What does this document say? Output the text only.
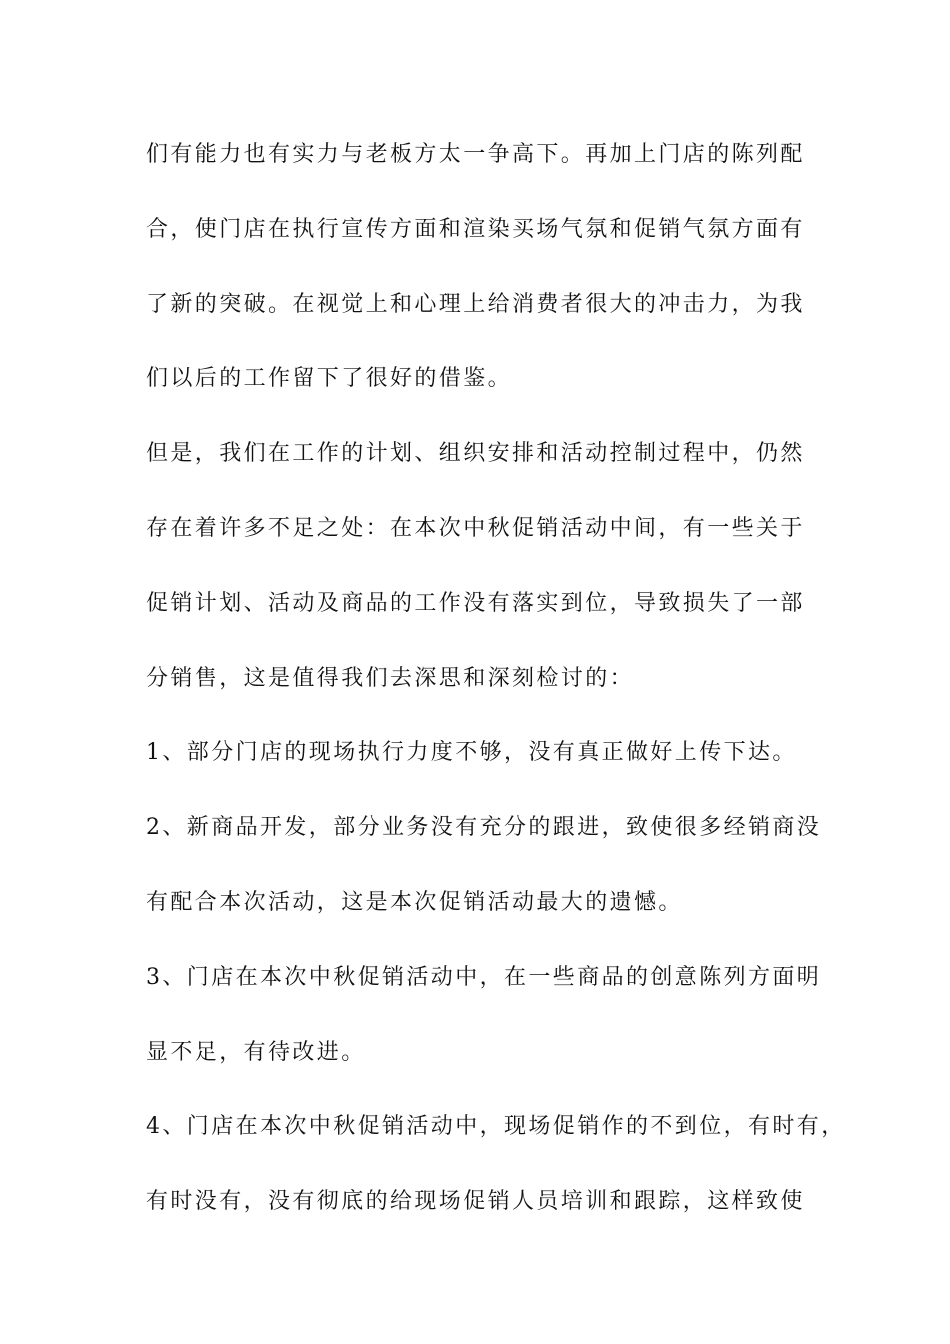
们有能力也有实力与老板方太一争高下。再加上门店的陈列配
合，使门店在执行宣传方面和渲染买场气氛和促销气氛方面有
了新的突破。在视觉上和心理上给消费者很大的冲击力，为我
们以后的工作留下了很好的借鉴。
但是，我们在工作的计划、组织安排和活动控制过程中，仍然
存在着许多不足之处：在本次中秋促销活动中间，有一些关于
促销计划、活动及商品的工作没有落实到位，导致损失了一部
分销售，这是值得我们去深思和深刻检讨的：
1、部分门店的现场执行力度不够，没有真正做好上传下达。
2、新商品开发，部分业务没有充分的跟进，致使很多经销商没
有配合本次活动，这是本次促销活动最大的遗憾。
3、门店在本次中秋促销活动中，在一些商品的创意陈列方面明
显不足，有待改进。
4、门店在本次中秋促销活动中，现场促销作的不到位，有时有，
有时没有，没有彻底的给现场促销人员培训和跟踪，这样致使
